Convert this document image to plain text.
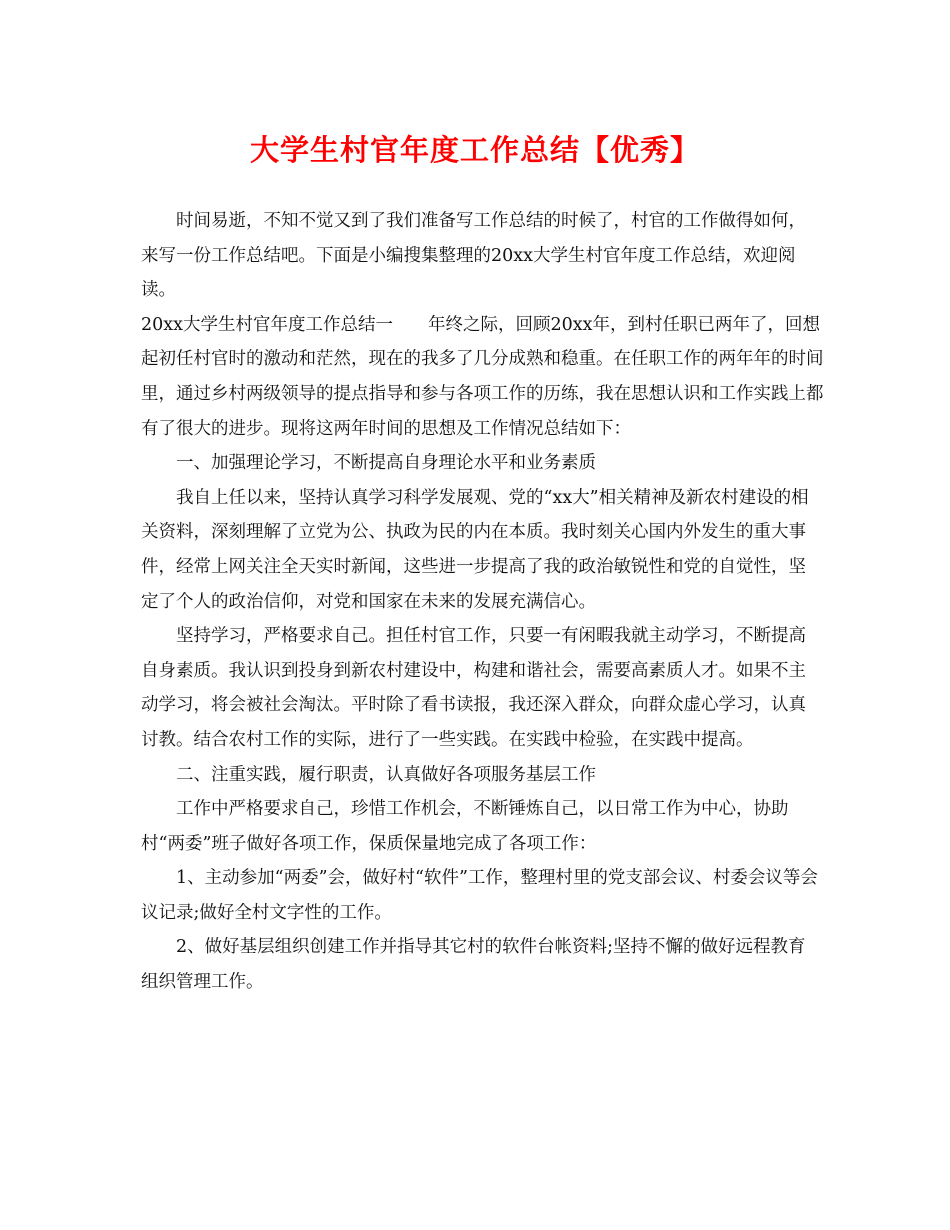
大学生村官年度工作总结【优秀】

时间易逝，不知不觉又到了我们准备写工作总结的时候了，村官的工作做得如何，来写一份工作总结吧。下面是小编搜集整理的20xx大学生村官年度工作总结，欢迎阅读。

20xx大学生村官年度工作总结一　　年终之际，回顾20xx年，到村任职已两年了，回想起初任村官时的激动和茫然，现在的我多了几分成熟和稳重。在任职工作的两年年的时间里，通过乡村两级领导的提点指导和参与各项工作的历练，我在思想认识和工作实践上都有了很大的进步。现将这两年时间的思想及工作情况总结如下：

一、加强理论学习，不断提高自身理论水平和业务素质

我自上任以来，坚持认真学习科学发展观、党的“xx大”相关精神及新农村建设的相关资料，深刻理解了立党为公、执政为民的内在本质。我时刻关心国内外发生的重大事件，经常上网关注全天实时新闻，这些进一步提高了我的政治敏锐性和党的自觉性，坚定了个人的政治信仰，对党和国家在未来的发展充满信心。

坚持学习，严格要求自己。担任村官工作，只要一有闲暇我就主动学习，不断提高自身素质。我认识到投身到新农村建设中，构建和谐社会，需要高素质人才。如果不主动学习，将会被社会淘汰。平时除了看书读报，我还深入群众，向群众虚心学习，认真讨教。结合农村工作的实际，进行了一些实践。在实践中检验，在实践中提高。

二、注重实践，履行职责，认真做好各项服务基层工作

工作中严格要求自己，珍惜工作机会，不断锤炼自己，以日常工作为中心，协助村“两委”班子做好各项工作，保质保量地完成了各项工作：

1、主动参加“两委”会，做好村“软件”工作，整理村里的党支部会议、村委会议等会议记录;做好全村文字性的工作。

2、做好基层组织创建工作并指导其它村的软件台帐资料;坚持不懈的做好远程教育组织管理工作。
